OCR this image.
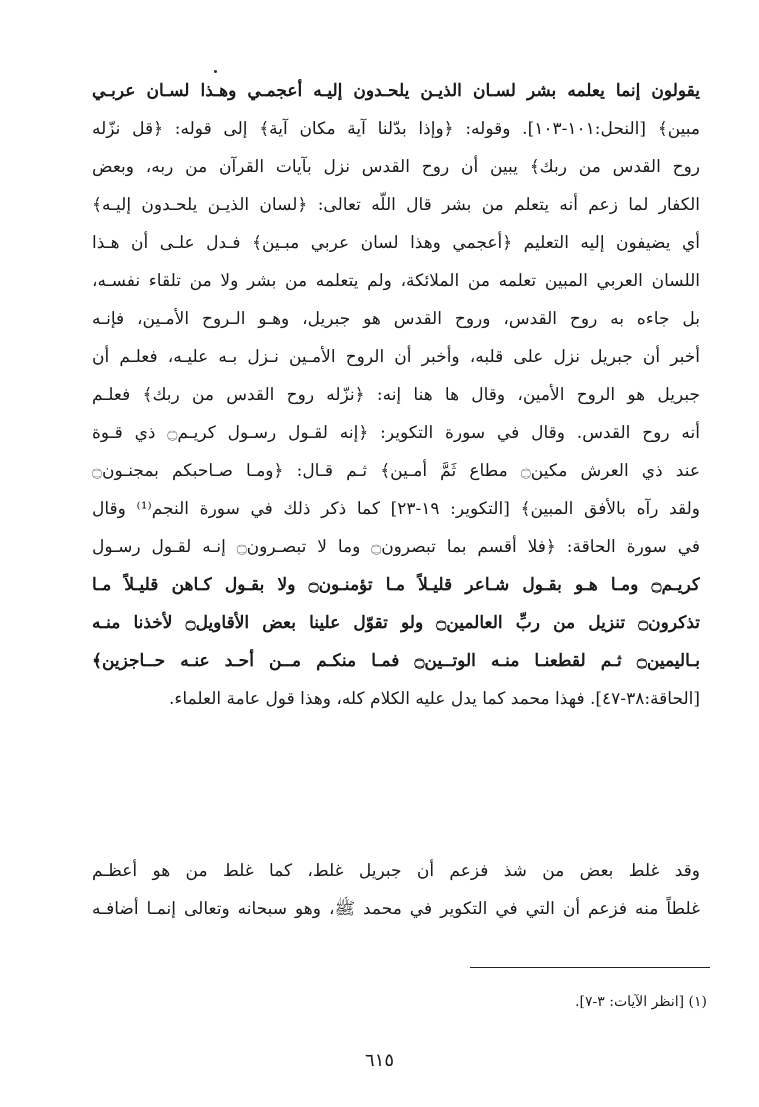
يقولون إنما يعلمه بشر لسـان الذيـن يلحـدون إليـه أعجمـي وهـذا لسـان عربـي
مبين﴾ [النحل:١٠١-١٠٣]. وقوله: ﴿وإذا بدّلنا آية مكان آية﴾ إلى قوله: ﴿قل نزّله
روح القدس من ربك﴾ يبين أن روح القدس نزل بآيات القرآن من ربه، وبعض
الكفار لما زعم أنه يتعلم من بشر قال اللّه تعالى: ﴿لسان الذيـن يلحـدون إليـه﴾
أي يضيفون إليه التعليم ﴿أعجمي وهذا لسان عربي مبـين﴾ فـدل علـى أن هـذا
اللسان العربي المبين تعلمه من الملائكة، ولم يتعلمه من بشر ولا من تلقاء نفسـه،
بل جاءه به روح القدس، وروح القدس هو جبريل، وهـو الـروح الأمـين، فإنـه
أخبر أن جبريل نزل على قلبه، وأخبر أن الروح الأمـين نـزل بـه عليـه، فعلـم أن
جبريل هو الروح الأمين، وقال ها هنا إنه: ﴿نزّله روح القدس من ربك﴾ فعلـم
أنه روح القدس. وقال في سورة التكوير: ﴿إنه لقـول رسـول كريـم۝ ذي قـوة
عند ذي العرش مكين۝ مطاع ثَمَّ أمـين﴾ ثـم قـال: ﴿ومـا صـاحبكم بمجنـون۝
ولقد رآه بالأفق المبين﴾ [التكوير: ١٩-٢٣] كما ذكر ذلك في سورة النجم⁽¹⁾ وقال
في سورة الحاقة: ﴿فلا أقسم بما تبصرون۝ وما لا تبصـرون۝ إنـه لقـول رسـول
كريـم۝ ومـا هـو بقـول شـاعر قليـلاً مـا تؤمنـون۝ ولا بقـول كـاهن قليـلاً مـا
تذكرون۝ تنزيل من ربِّ العالمين۝ ولو تقوّل علينا بعض الأقاويل۝ لأخذنا منـه
بـاليمين۝ ثـم لقطعنـا منـه الوتــين۝ فمـا منكـم مــن أحـد عنـه حــاجزين﴾
[الحاقة:٣٨-٤٧]. فهذا محمد كما يدل عليه الكلام كله، وهذا قول عامة العلماء.
وقد غلط بعض من شذ فزعم أن جبريل غلط، كما غلط من هو أعظـم
غلطاً منه فزعم أن التي في التكوير في محمد ﷺ، وهو سبحانه وتعالى إنمـا أضافـه
(١) [انظر الآيات: ٣-٧].
٦١٥
